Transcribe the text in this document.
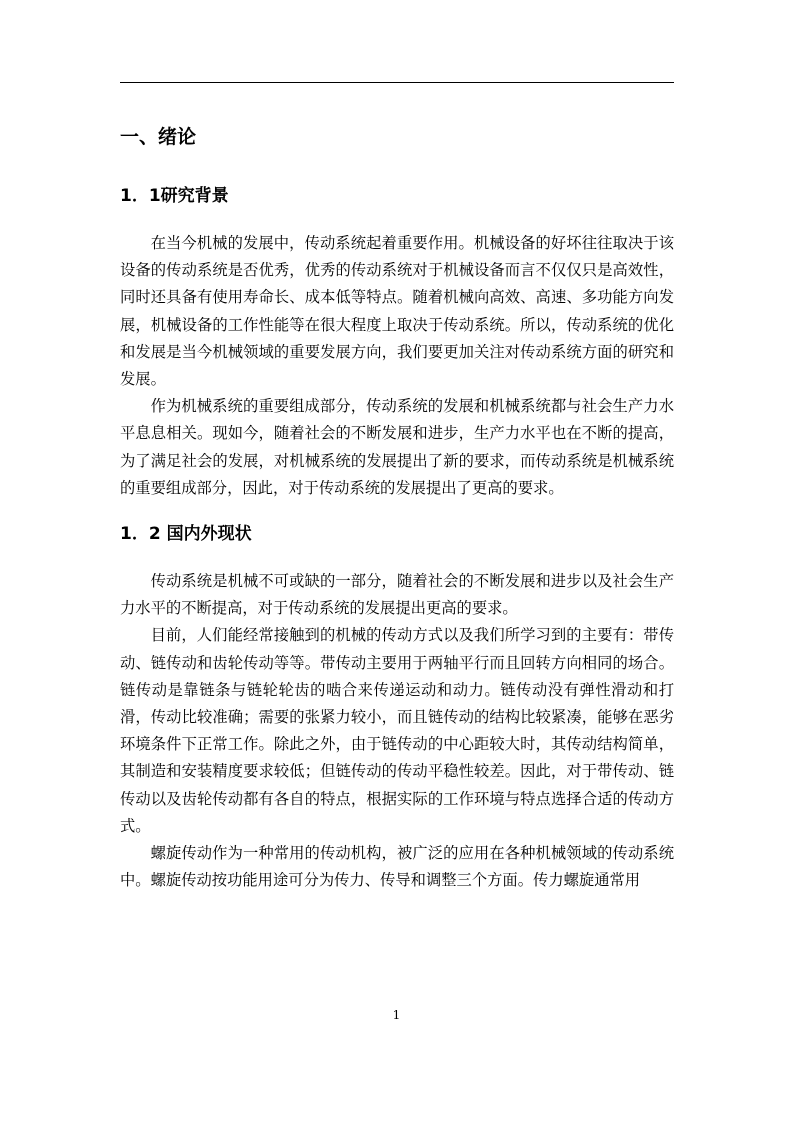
一、绪论
1．1研究背景

在当今机械的发展中，传动系统起着重要作用。机械设备的好坏往往取决于该设备的传动系统是否优秀，优秀的传动系统对于机械设备而言不仅仅只是高效性，同时还具备有使用寿命长、成本低等特点。随着机械向高效、高速、多功能方向发展，机械设备的工作性能等在很大程度上取决于传动系统。所以，传动系统的优化和发展是当今机械领域的重要发展方向，我们要更加关注对传动系统方面的研究和发展。

作为机械系统的重要组成部分，传动系统的发展和机械系统都与社会生产力水平息息相关。现如今，随着社会的不断发展和进步，生产力水平也在不断的提高，为了满足社会的发展，对机械系统的发展提出了新的要求，而传动系统是机械系统的重要组成部分，因此，对于传动系统的发展提出了更高的要求。

1．2 国内外现状

传动系统是机械不可或缺的一部分，随着社会的不断发展和进步以及社会生产力水平的不断提高，对于传动系统的发展提出更高的要求。

目前，人们能经常接触到的机械的传动方式以及我们所学习到的主要有：带传动、链传动和齿轮传动等等。带传动主要用于两轴平行而且回转方向相同的场合。链传动是靠链条与链轮轮齿的啮合来传递运动和动力。链传动没有弹性滑动和打滑，传动比较准确；需要的张紧力较小，而且链传动的结构比较紧凑，能够在恶劣环境条件下正常工作。除此之外，由于链传动的中心距较大时，其传动结构简单，其制造和安装精度要求较低；但链传动的传动平稳性较差。因此，对于带传动、链传动以及齿轮传动都有各自的特点，根据实际的工作环境与特点选择合适的传动方式。

螺旋传动作为一种常用的传动机构，被广泛的应用在各种机械领域的传动系统中。螺旋传动按功能用途可分为传力、传导和调整三个方面。传力螺旋通常用

1
